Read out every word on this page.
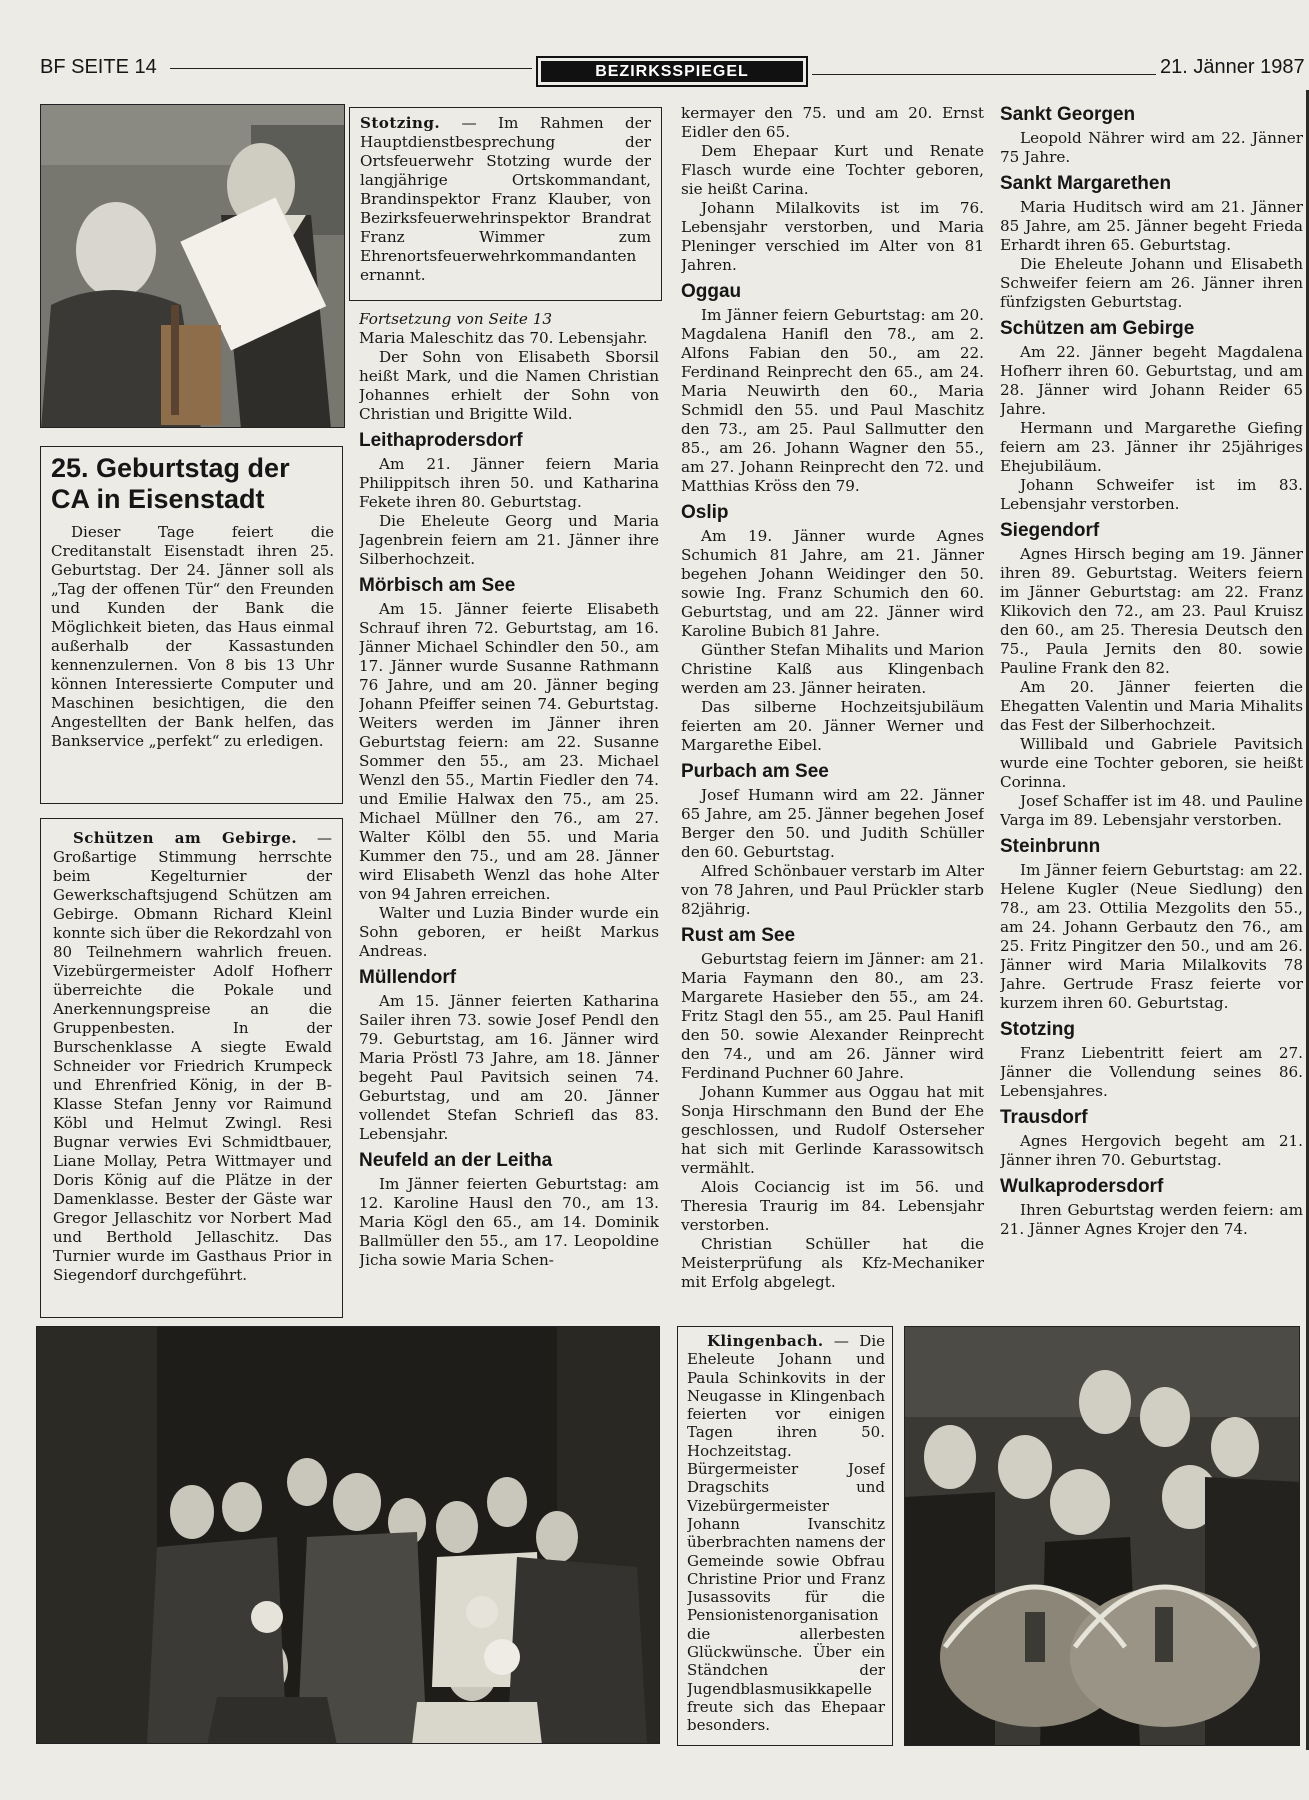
BF SEITE 14	BEZIRKSSPIEGEL	21. Jänner 1987

Stotzing. — Im Rahmen der Hauptdienstbesprechung der Ortsfeuerwehr Stotzing wurde der langjährige Ortskommandant, Brandinspektor Franz Klauber, von Bezirksfeuerwehrinspektor Brandrat Franz Wimmer zum Ehrenortsfeuerwehrkommandanten ernannt.

25. Geburtstag der CA in Eisenstadt

Dieser Tage feiert die Creditanstalt Eisenstadt ihren 25. Geburtstag. Der 24. Jänner soll als „Tag der offenen Tür“ den Freunden und Kunden der Bank die Möglichkeit bieten, das Haus einmal außerhalb der Kassastunden kennenzulernen. Von 8 bis 13 Uhr können Interessierte Computer und Maschinen besichtigen, die den Angestellten der Bank helfen, das Bankservice „perfekt“ zu erledigen.

Schützen am Gebirge. — Großartige Stimmung herrschte beim Kegelturnier der Gewerkschaftsjugend Schützen am Gebirge. Obmann Richard Kleinl konnte sich über die Rekordzahl von 80 Teilnehmern wahrlich freuen. Vizebürgermeister Adolf Hofherr überreichte die Pokale und Anerkennungspreise an die Gruppenbesten. In der Burschenklasse A siegte Ewald Schneider vor Friedrich Krumpeck und Ehrenfried König, in der B-Klasse Stefan Jenny vor Raimund Köbl und Helmut Zwingl. Resi Bugnar verwies Evi Schmidtbauer, Liane Mollay, Petra Wittmayer und Doris König auf die Plätze in der Damenklasse. Bester der Gäste war Gregor Jellaschitz vor Norbert Mad und Berthold Jellaschitz. Das Turnier wurde im Gasthaus Prior in Siegendorf durchgeführt.

Fortsetzung von Seite 13

Maria Maleschitz das 70. Lebensjahr.

Der Sohn von Elisabeth Sborsil heißt Mark, und die Namen Christian Johannes erhielt der Sohn von Christian und Brigitte Wild.

Leithaprodersdorf

Am 21. Jänner feiern Maria Philippitsch ihren 50. und Katharina Fekete ihren 80. Geburtstag.

Die Eheleute Georg und Maria Jagenbrein feiern am 21. Jänner ihre Silberhochzeit.

Mörbisch am See

Am 15. Jänner feierte Elisabeth Schrauf ihren 72. Geburtstag, am 16. Jänner Michael Schindler den 50., am 17. Jänner wurde Susanne Rathmann 76 Jahre, und am 20. Jänner beging Johann Pfeiffer seinen 74. Geburtstag. Weiters werden im Jänner ihren Geburtstag feiern: am 22. Susanne Sommer den 55., am 23. Michael Wenzl den 55., Martin Fiedler den 74. und Emilie Halwax den 75., am 25. Michael Müllner den 76., am 27. Walter Kölbl den 55. und Maria Kummer den 75., und am 28. Jänner wird Elisabeth Wenzl das hohe Alter von 94 Jahren erreichen.

Walter und Luzia Binder wurde ein Sohn geboren, er heißt Markus Andreas.

Müllendorf

Am 15. Jänner feierten Katharina Sailer ihren 73. sowie Josef Pendl den 79. Geburtstag, am 16. Jänner wird Maria Pröstl 73 Jahre, am 18. Jänner begeht Paul Pavitsich seinen 74. Geburtstag, und am 20. Jänner vollendet Stefan Schriefl das 83. Lebensjahr.

Neufeld an der Leitha

Im Jänner feierten Geburtstag: am 12. Karoline Hausl den 70., am 13. Maria Kögl den 65., am 14. Dominik Ballmüller den 55., am 17. Leopoldine Jicha sowie Maria Schen-

kermayer den 75. und am 20. Ernst Eidler den 65.

Dem Ehepaar Kurt und Renate Flasch wurde eine Tochter geboren, sie heißt Carina.

Johann Milalkovits ist im 76. Lebensjahr verstorben, und Maria Pleninger verschied im Alter von 81 Jahren.

Oggau

Im Jänner feiern Geburtstag: am 20. Magdalena Hanifl den 78., am 2. Alfons Fabian den 50., am 22. Ferdinand Reinprecht den 65., am 24. Maria Neuwirth den 60., Maria Schmidl den 55. und Paul Maschitz den 73., am 25. Paul Sallmutter den 85., am 26. Johann Wagner den 55., am 27. Johann Reinprecht den 72. und Matthias Kröss den 79.

Oslip

Am 19. Jänner wurde Agnes Schumich 81 Jahre, am 21. Jänner begehen Johann Weidinger den 50. sowie Ing. Franz Schumich den 60. Geburtstag, und am 22. Jänner wird Karoline Bubich 81 Jahre.

Günther Stefan Mihalits und Marion Christine Kalß aus Klingenbach werden am 23. Jänner heiraten.

Das silberne Hochzeitsjubiläum feierten am 20. Jänner Werner und Margarethe Eibel.

Purbach am See

Josef Humann wird am 22. Jänner 65 Jahre, am 25. Jänner begehen Josef Berger den 50. und Judith Schüller den 60. Geburtstag.

Alfred Schönbauer verstarb im Alter von 78 Jahren, und Paul Prückler starb 82jährig.

Rust am See

Geburtstag feiern im Jänner: am 21. Maria Faymann den 80., am 23. Margarete Hasieber den 55., am 24. Fritz Stagl den 55., am 25. Paul Hanifl den 50. sowie Alexander Reinprecht den 74., und am 26. Jänner wird Ferdinand Puchner 60 Jahre.

Johann Kummer aus Oggau hat mit Sonja Hirschmann den Bund der Ehe geschlossen, und Rudolf Osterseher hat sich mit Gerlinde Karassowitsch vermählt.

Alois Cociancig ist im 56. und Theresia Traurig im 84. Lebensjahr verstorben.

Christian Schüller hat die Meisterprüfung als Kfz-Mechaniker mit Erfolg abgelegt.

Sankt Georgen

Leopold Nährer wird am 22. Jänner 75 Jahre.

Sankt Margarethen

Maria Huditsch wird am 21. Jänner 85 Jahre, am 25. Jänner begeht Frieda Erhardt ihren 65. Geburtstag.

Die Eheleute Johann und Elisabeth Schweifer feiern am 26. Jänner ihren fünfzigsten Geburtstag.

Schützen am Gebirge

Am 22. Jänner begeht Magdalena Hofherr ihren 60. Geburtstag, und am 28. Jänner wird Johann Reider 65 Jahre.

Hermann und Margarethe Giefing feiern am 23. Jänner ihr 25jähriges Ehejubiläum.

Johann Schweifer ist im 83. Lebensjahr verstorben.

Siegendorf

Agnes Hirsch beging am 19. Jänner ihren 89. Geburtstag. Weiters feiern im Jänner Geburtstag: am 22. Franz Klikovich den 72., am 23. Paul Kruisz den 60., am 25. Theresia Deutsch den 75., Paula Jernits den 80. sowie Pauline Frank den 82.

Am 20. Jänner feierten die Ehegatten Valentin und Maria Mihalits das Fest der Silberhochzeit.

Willibald und Gabriele Pavitsich wurde eine Tochter geboren, sie heißt Corinna.

Josef Schaffer ist im 48. und Pauline Varga im 89. Lebensjahr verstorben.

Steinbrunn

Im Jänner feiern Geburtstag: am 22. Helene Kugler (Neue Siedlung) den 78., am 23. Ottilia Mezgolits den 55., am 24. Johann Gerbautz den 76., am 25. Fritz Pingitzer den 50., und am 26. Jänner wird Maria Milalkovits 78 Jahre. Gertrude Frasz feierte vor kurzem ihren 60. Geburtstag.

Stotzing

Franz Liebentritt feiert am 27. Jänner die Vollendung seines 86. Lebensjahres.

Trausdorf

Agnes Hergovich begeht am 21. Jänner ihren 70. Geburtstag.

Wulkaprodersdorf

Ihren Geburtstag werden feiern: am 21. Jänner Agnes Krojer den 74.

Klingenbach. — Die Eheleute Johann und Paula Schinkovits in der Neugasse in Klingenbach feierten vor einigen Tagen ihren 50. Hochzeitstag. Bürgermeister Josef Dragschits und Vizebürgermeister Johann Ivanschitz überbrachten namens der Gemeinde sowie Obfrau Christine Prior und Franz Jusassovits für die Pensionistenorganisation die allerbesten Glückwünsche. Über ein Ständchen der Jugendblasmusikkapelle freute sich das Ehepaar besonders.
